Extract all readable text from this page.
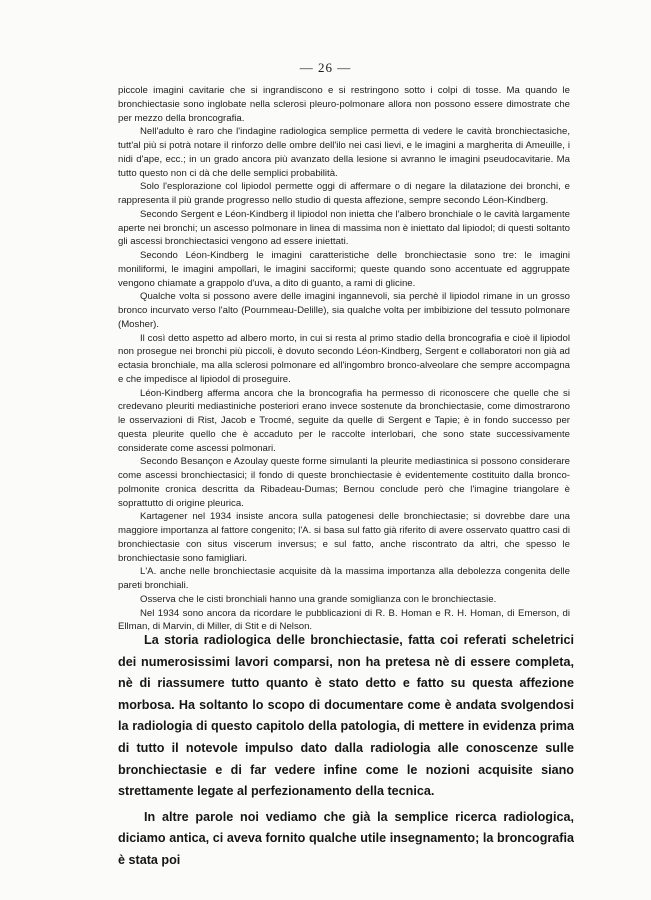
— 26 —

piccole imagini cavitarie che si ingrandiscono e si restringono sotto i colpi di tosse. Ma quando le bronchiectasie sono inglobate nella sclerosi pleuro-polmonare allora non possono essere dimostrate che per mezzo della broncografia.

Nell'adulto è raro che l'indagine radiologica semplice permetta di vedere le cavità bronchiectasiche, tutt'al più si potrà notare il rinforzo delle ombre dell'ilo nei casi lievi, e le imagini a margherita di Ameuille, i nidi d'ape, ecc.; in un grado ancora più avanzato della lesione si avranno le imagini pseudocavitarie. Ma tutto questo non ci dà che delle semplici probabilità.

Solo l'esplorazione col lipiodol permette oggi di affermare o di negare la dilatazione dei bronchi, e rappresenta il più grande progresso nello studio di questa affezione, sempre secondo Léon-Kindberg.

Secondo Sergent e Léon-Kindberg il lipiodol non inietta che l'albero bronchiale o le cavità largamente aperte nei bronchi; un ascesso polmonare in linea di massima non è iniettato dal lipiodol; di questi soltanto gli ascessi bronchiectasici vengono ad essere iniettati.

Secondo Léon-Kindberg le imagini caratteristiche delle bronchiectasie sono tre: le imagini moniliformi, le imagini ampollari, le imagini sacciformi; queste quando sono accentuate ed aggruppate vengono chiamate a grappolo d'uva, a dito di guanto, a rami di glicine.

Qualche volta si possono avere delle imagini ingannevoli, sia perchè il lipiodol rimane in un grosso bronco incurvato verso l'alto (Pournmeau-Delille), sia qualche volta per imbibizione del tessuto polmonare (Mosher).

Il così detto aspetto ad albero morto, in cui si resta al primo stadio della broncografia e cioè il lipiodol non prosegue nei bronchi più piccoli, è dovuto secondo Léon-Kindberg, Sergent e collaboratori non già ad ectasia bronchiale, ma alla sclerosi polmonare ed all'ingombro bronco-alveolare che sempre accompagna e che impedisce al lipiodol di proseguire.

Léon-Kindberg afferma ancora che la broncografia ha permesso di riconoscere che quelle che si credevano pleuriti mediastiniche posteriori erano invece sostenute da bronchiectasie, come dimostrarono le osservazioni di Rist, Jacob e Trocmé, seguite da quelle di Sergent e Tapie; è in fondo successo per questa pleurite quello che è accaduto per le raccolte interlobari, che sono state successivamente considerate come ascessi polmonari.

Secondo Besançon e Azoulay queste forme simulanti la pleurite mediastinica si possono considerare come ascessi bronchiectasici; il fondo di queste bronchiectasie è evidentemente costituito dalla bronco-polmonite cronica descritta da Ribadeau-Dumas; Bernou conclude però che l'imagine triangolare è soprattutto di origine pleurica.

Kartagener nel 1934 insiste ancora sulla patogenesi delle bronchiectasie; si dovrebbe dare una maggiore importanza al fattore congenito; l'A. si basa sul fatto già riferito di avere osservato quattro casi di bronchiectasie con situs viscerum inversus; e sul fatto, anche riscontrato da altri, che spesso le bronchiectasie sono famigliari.

L'A. anche nelle bronchiectasie acquisite dà la massima importanza alla debolezza congenita delle pareti bronchiali.

Osserva che le cisti bronchiali hanno una grande somiglianza con le bronchiectasie.

Nel 1934 sono ancora da ricordare le pubblicazioni di R. B. Homan e R. H. Homan, di Emerson, di Ellman, di Marvin, di Miller, di Stit e di Nelson.

La storia radiologica delle bronchiectasie, fatta coi referati scheletrici dei numerosissimi lavori comparsi, non ha pretesa nè di essere completa, nè di riassumere tutto quanto è stato detto e fatto su questa affezione morbosa. Ha soltanto lo scopo di documentare come è andata svolgendosi la radiologia di questo capitolo della patologia, di mettere in evidenza prima di tutto il notevole impulso dato dalla radiologia alle conoscenze sulle bronchiectasie e di far vedere infine come le nozioni acquisite siano strettamente legate al perfezionamento della tecnica.

In altre parole noi vediamo che già la semplice ricerca radiologica, diciamo antica, ci aveva fornito qualche utile insegnamento; la broncografia è stata poi
